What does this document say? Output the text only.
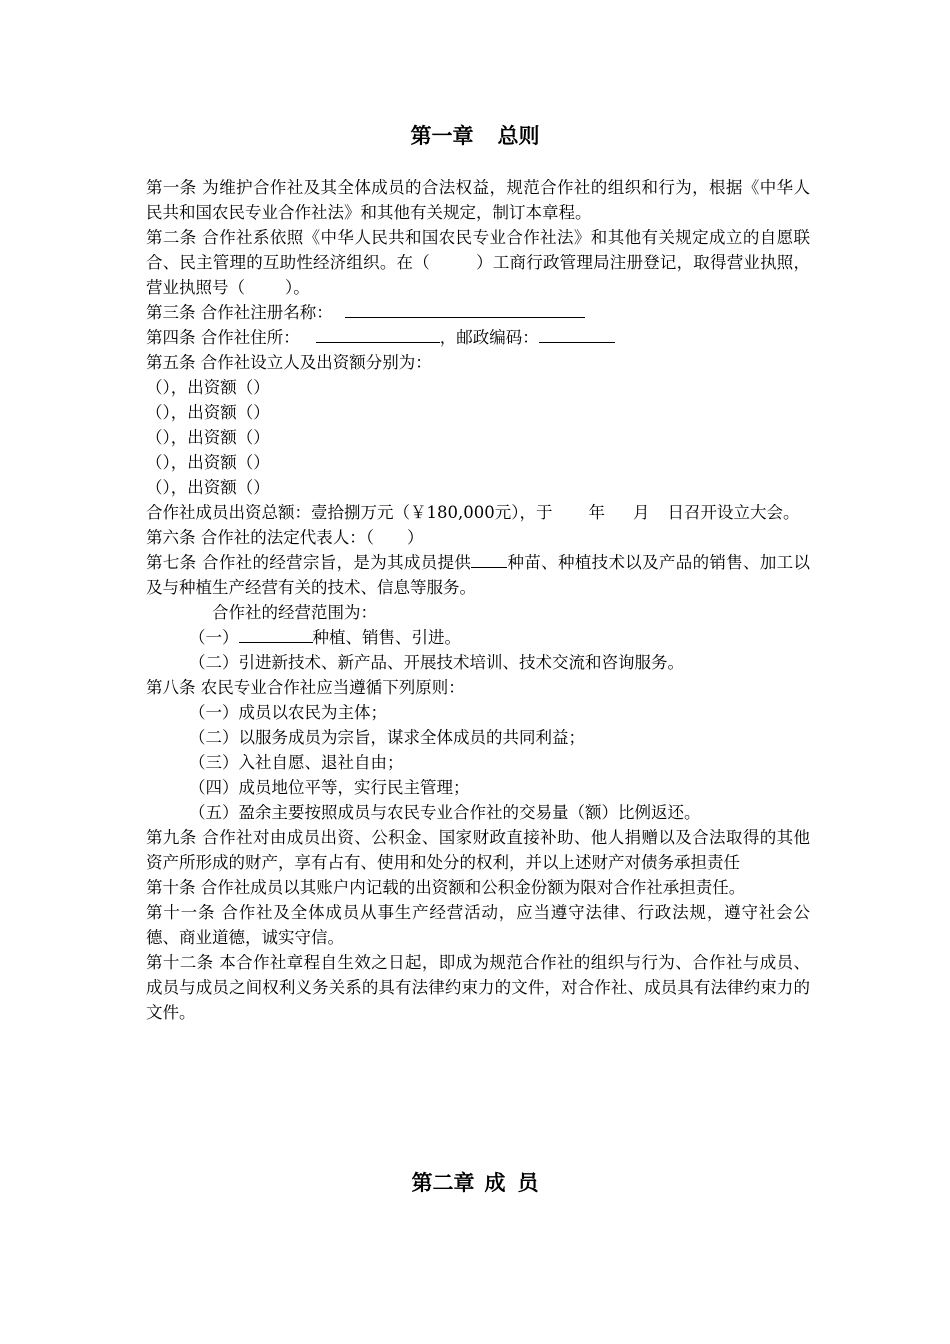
第一章 总则

第一条 为维护合作社及其全体成员的合法权益，规范合作社的组织和行为，根据《中华人民共和国农民专业合作社法》和其他有关规定，制订本章程。

第二条 合作社系依照《中华人民共和国农民专业合作社法》和其他有关规定成立的自愿联合、民主管理的互助性经济组织。在（	）工商行政管理局注册登记，取得营业执照，营业执照号（ ）。

第三条 合作社注册名称：

第四条 合作社住所：	，邮政编码：

第五条 合作社设立人及出资额分别为：

（），出资额（）

（），出资额（）

（），出资额（）

（），出资额（）

（），出资额（）

合作社成员出资总额：壹拾捌万元（￥180,000元），于 年 月 日召开设立大会。

第六条 合作社的法定代表人：（　　）

第七条 合作社的经营宗旨，是为其成员提供 种苗、种植技术以及产品的销售、加工以及与种植生产经营有关的技术、信息等服务。

合作社的经营范围为：

（一）	种植、销售、引进。

（二）引进新技术、新产品、开展技术培训、技术交流和咨询服务。

第八条 农民专业合作社应当遵循下列原则：

（一）成员以农民为主体；

（二）以服务成员为宗旨，谋求全体成员的共同利益；

（三）入社自愿、退社自由；

（四）成员地位平等，实行民主管理；

（五）盈余主要按照成员与农民专业合作社的交易量（额）比例返还。

第九条 合作社对由成员出资、公积金、国家财政直接补助、他人捐赠以及合法取得的其他资产所形成的财产，享有占有、使用和处分的权利，并以上述财产对债务承担责任

第十条 合作社成员以其账户内记载的出资额和公积金份额为限对合作社承担责任。

第十一条 合作社及全体成员从事生产经营活动，应当遵守法律、行政法规，遵守社会公德、商业道德，诚实守信。

第十二条 本合作社章程自生效之日起，即成为规范合作社的组织与行为、合作社与成员、成员与成员之间权利义务关系的具有法律约束力的文件，对合作社、成员具有法律约束力的文件。

第二章 成 员
